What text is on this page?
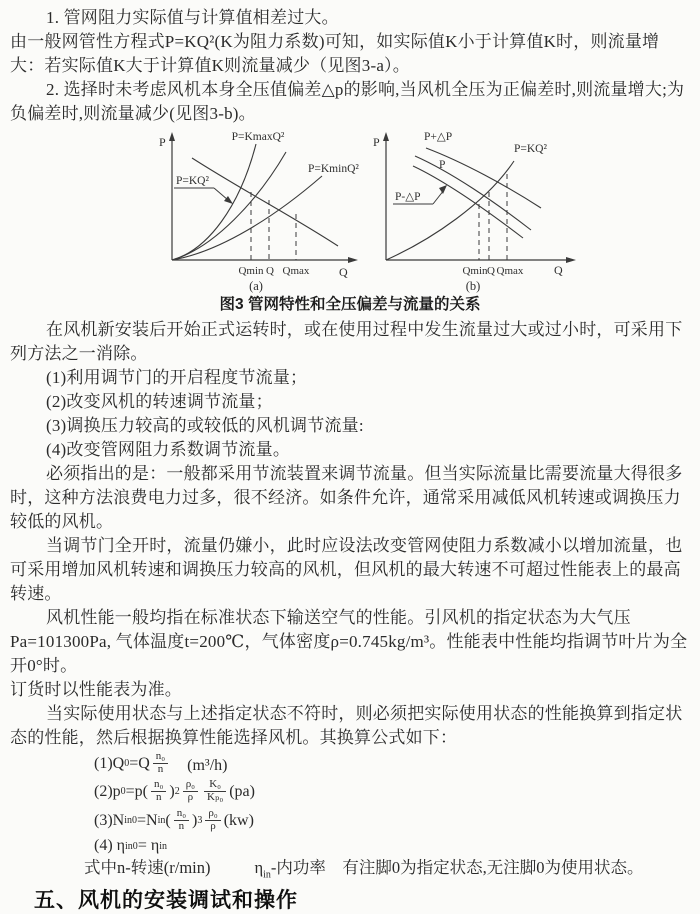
1. 管网阻力实际值与计算值相差过大。

由一般网管性方程式P=KQ²(K为阻力系数)可知，如实际值K小于计算值K时，则流量增大：若实际值K大于计算值K则流量减少（见图3-a）。

2. 选择时未考虑风机本身全压值偏差△p的影响,当风机全压为正偏差时,则流量增大;为负偏差时,则流量减少(见图3-b)。

P
Q
P=KmaxQ²
P=KQ²
P=KminQ²
Qmin Q Qmax
(a)
P
Q
P+△P
P
P-△P
P=KQ²
Qmin Q Qmax
(b)
图3 管网特性和全压偏差与流量的关系

在风机新安装后开始正式运转时，或在使用过程中发生流量过大或过小时，可采用下列方法之一消除。

(1)利用调节门的开启程度节流量；

(2)改变风机的转速调节流量；

(3)调换压力较高的或较低的风机调节流量:

(4)改变管网阻力系数调节流量。

必须指出的是：一般都采用节流装置来调节流量。但当实际流量比需要流量大得很多时，这种方法浪费电力过多，很不经济。如条件允许，通常采用减低风机转速或调换压力较低的风机。

当调节门全开时，流量仍嫌小，此时应设法改变管网使阻力系数减小以增加流量，也可采用增加风机转速和调换压力较高的风机，但风机的最大转速不可超过性能表上的最高转速。

风机性能一般均指在标准状态下输送空气的性能。引风机的指定状态为大气压Pa=101300Pa, 气体温度t=200℃，气体密度ρ=0.745kg/m³。性能表中性能均指调节叶片为全开0°时。

订货时以性能表为准。

当实际使用状态与上述指定状态不符时，则必须把实际使用状态的性能换算到指定状态的性能，然后根据换算性能选择风机。其换算公式如下：

(1)Q $0 =Q \frac{\text{n₀}}{n}$ 　(m³/h)
(2)p $0 =p( \frac{\text{n₀}}{n}$ ) $2 \frac{\text{ρ₀}}{\rho} \frac{\text{K₀}}{\text{Kₚ₀}} (pa)$
(3)N in0 =N in ( $\frac{\text{n₀}}{n}$ ) $3 \frac{\text{ρ₀}}{\rho} (kw)$
(4) η in0 = η in

式中n-转速(r/min)	$\eta_{in}-$内功率　有注脚0为指定状态,无注脚0为使用状态。

五、风机的安装调试和操作
